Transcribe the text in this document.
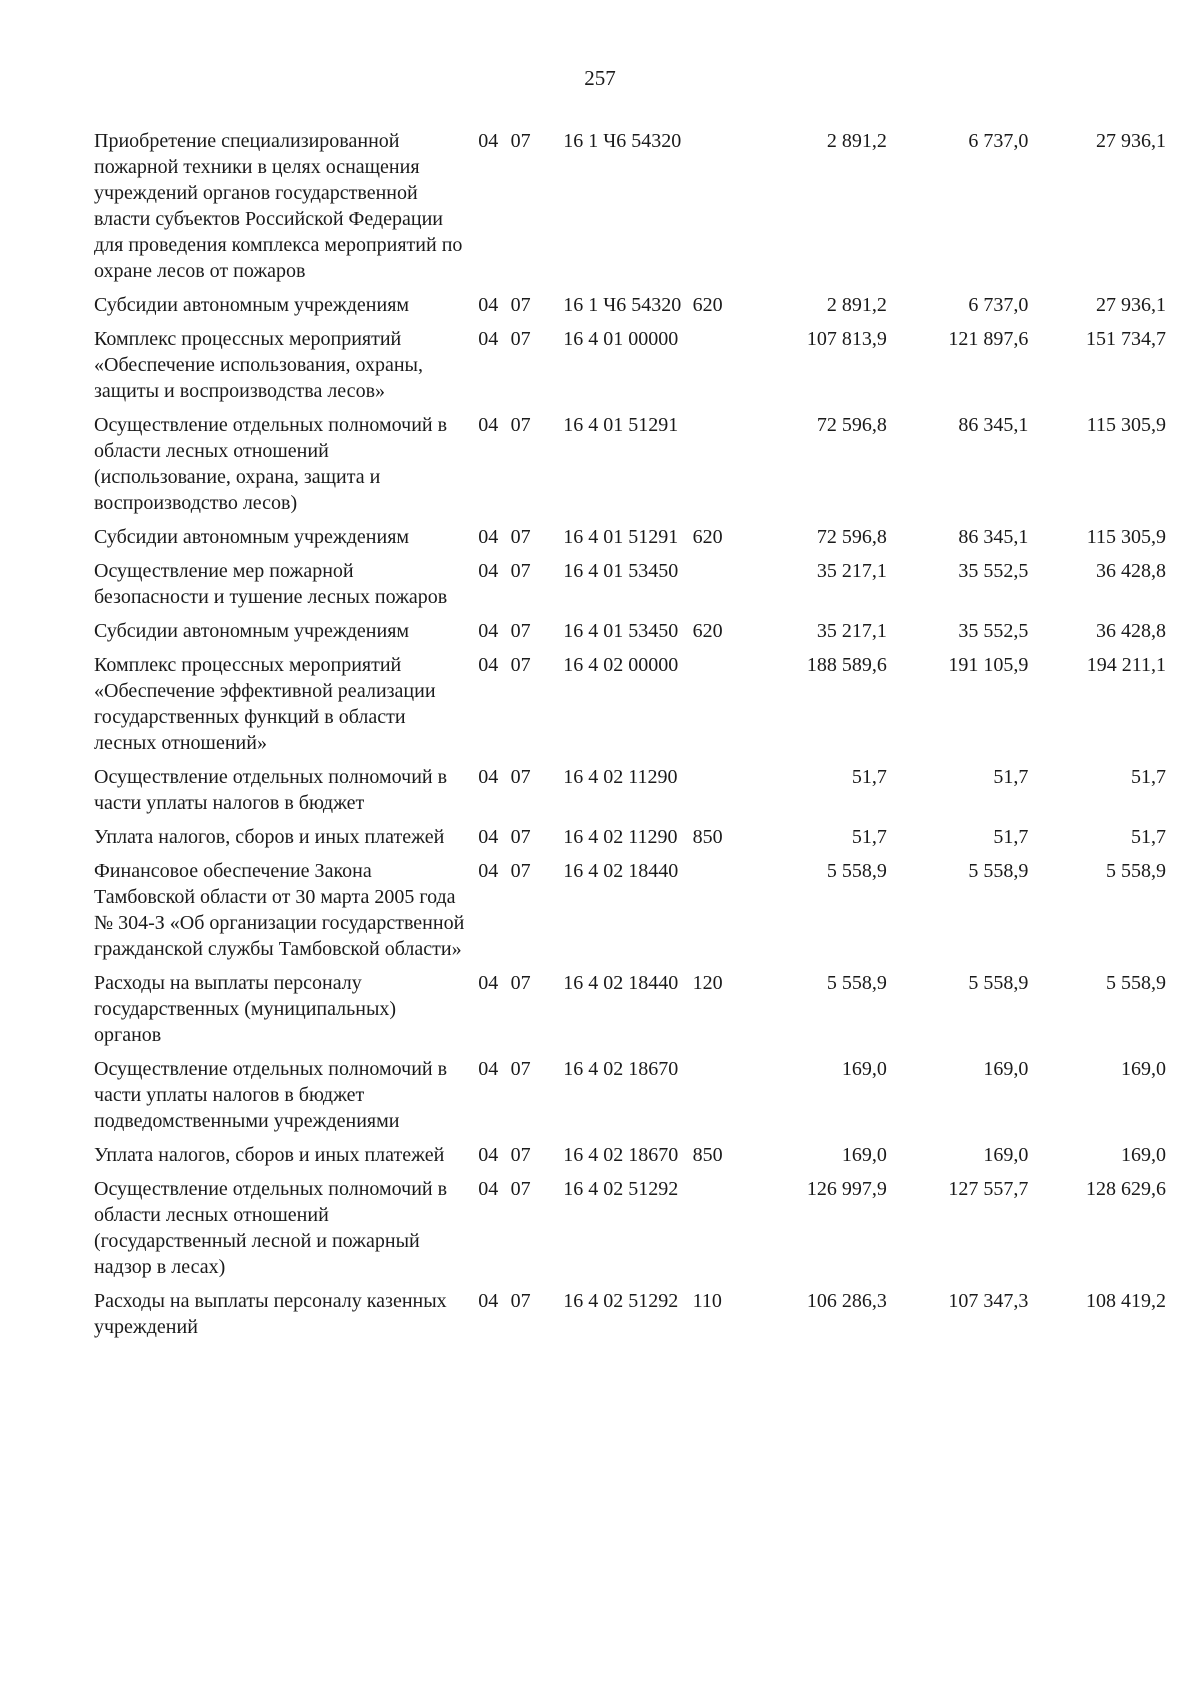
257
Приобретение специализированной пожарной техники в целях оснащения учреждений органов государственной власти субъектов Российской Федерации для проведения комплекса мероприятий по охране лесов от пожаров	04	07		16 1 Ч6 54320		2 891,2	6 737,0	27 936,1
Субсидии автономным учреждениям	04	07		16 1 Ч6 54320	620	2 891,2	6 737,0	27 936,1
Комплекс процессных мероприятий «Обеспечение использования, охраны, защиты и воспроизводства лесов»	04	07		16 4 01 00000		107 813,9	121 897,6	151 734,7
Осуществление отдельных полномочий в области лесных отношений (использование, охрана, защита и воспроизводство лесов)	04	07		16 4 01 51291		72 596,8	86 345,1	115 305,9
Субсидии автономным учреждениям	04	07		16 4 01 51291	620	72 596,8	86 345,1	115 305,9
Осуществление мер пожарной безопасности и тушение лесных пожаров	04	07		16 4 01 53450		35 217,1	35 552,5	36 428,8
Субсидии автономным учреждениям	04	07		16 4 01 53450	620	35 217,1	35 552,5	36 428,8
Комплекс процессных мероприятий «Обеспечение эффективной реализации государственных функций в области лесных отношений»	04	07		16 4 02 00000		188 589,6	191 105,9	194 211,1
Осуществление отдельных полномочий в части уплаты налогов в бюджет	04	07		16 4 02 11290		51,7	51,7	51,7
Уплата налогов, сборов и иных платежей	04	07		16 4 02 11290	850	51,7	51,7	51,7
Финансовое обеспечение Закона Тамбовской области от 30 марта 2005 года № 304-З «Об организации государственной гражданской службы Тамбовской области»	04	07		16 4 02 18440		5 558,9	5 558,9	5 558,9
Расходы на выплаты персоналу государственных (муниципальных) органов	04	07		16 4 02 18440	120	5 558,9	5 558,9	5 558,9
Осуществление отдельных полномочий в части уплаты налогов в бюджет подведомственными учреждениями	04	07		16 4 02 18670		169,0	169,0	169,0
Уплата налогов, сборов и иных платежей	04	07		16 4 02 18670	850	169,0	169,0	169,0
Осуществление отдельных полномочий в области лесных отношений (государственный лесной и пожарный надзор в лесах)	04	07		16 4 02 51292		126 997,9	127 557,7	128 629,6
Расходы на выплаты персоналу казенных учреждений	04	07		16 4 02 51292	110	106 286,3	107 347,3	108 419,2
